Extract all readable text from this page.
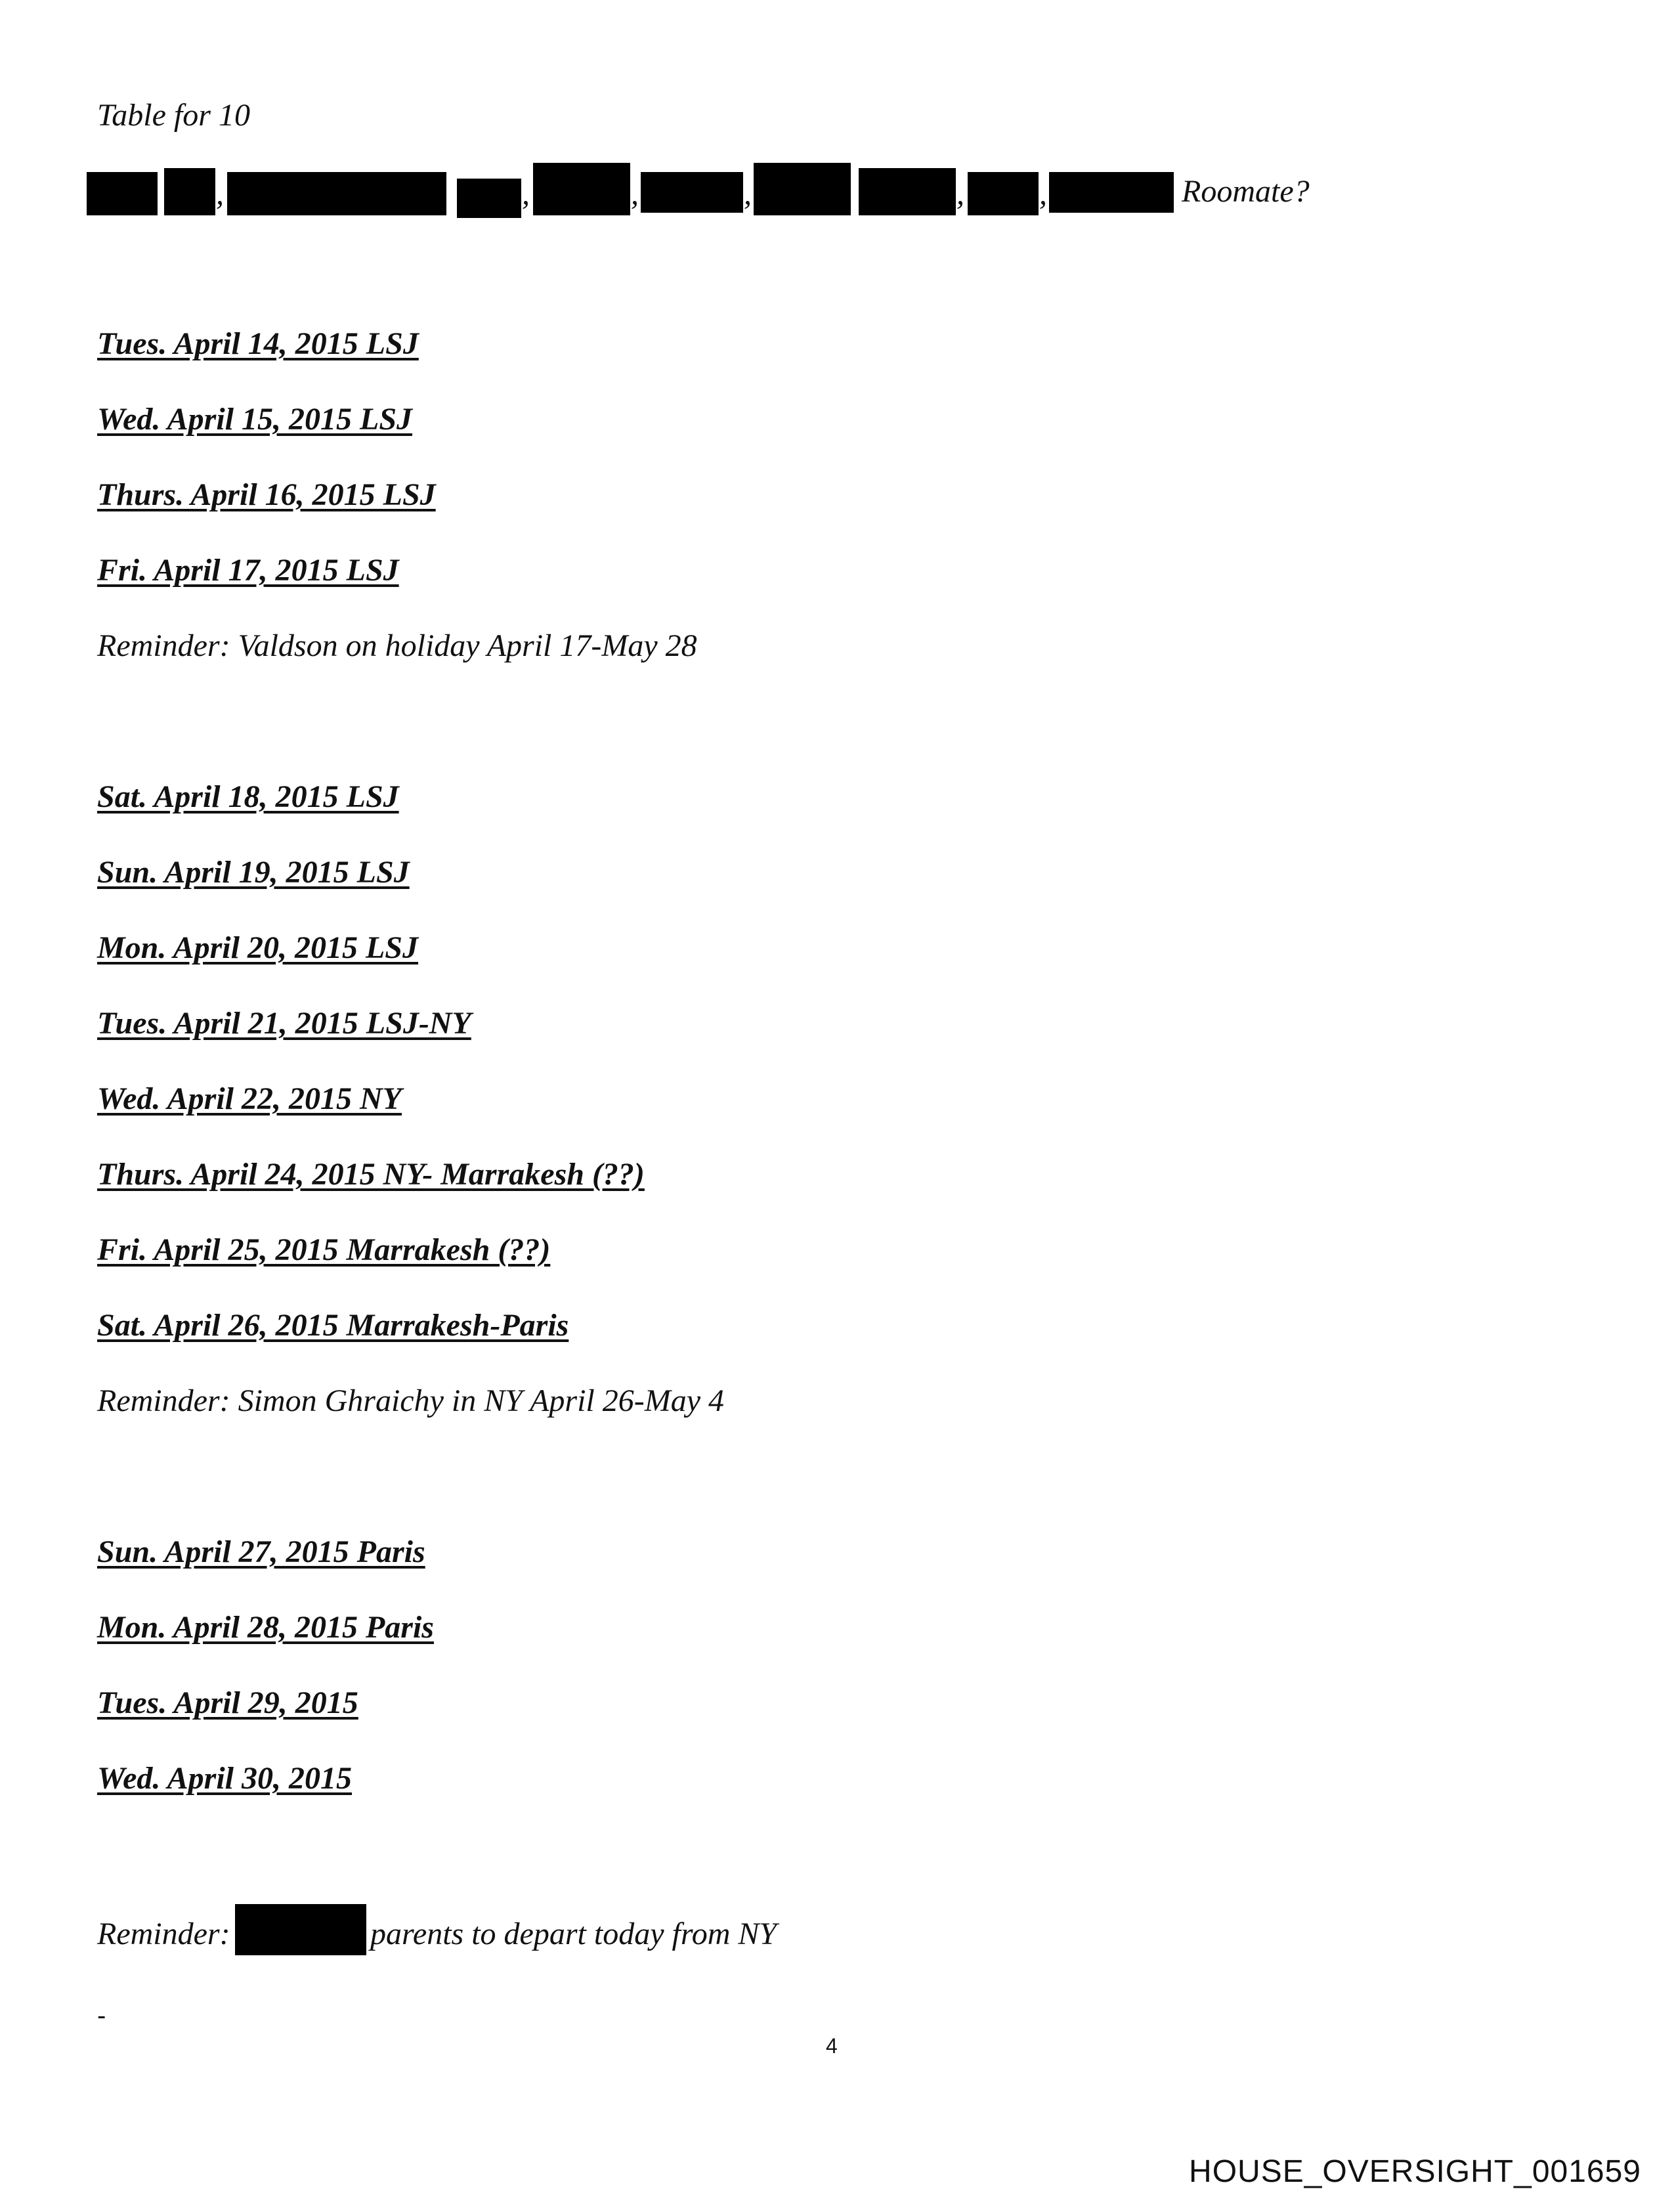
Table for 10
,	,	,	,	, ,	Roomate?
Tues. April 14, 2015 LSJ
Wed. April 15, 2015 LSJ
Thurs. April 16, 2015 LSJ
Fri. April 17, 2015 LSJ
Reminder: Valdson on holiday April 17-May 28
Sat. April 18, 2015 LSJ
Sun. April 19, 2015 LSJ
Mon. April 20, 2015 LSJ
Tues. April 21, 2015 LSJ-NY
Wed. April 22, 2015 NY
Thurs. April 24, 2015 NY- Marrakesh (??)
Fri. April 25, 2015 Marrakesh (??)
Sat. April 26, 2015 Marrakesh-Paris
Reminder: Simon Ghraichy in NY April 26-May 4
Sun. April 27, 2015 Paris
Mon. April 28, 2015 Paris
Tues. April 29, 2015
Wed. April 30, 2015
Reminder:	parents to depart today from NY
-
4
HOUSE_OVERSIGHT_001659
